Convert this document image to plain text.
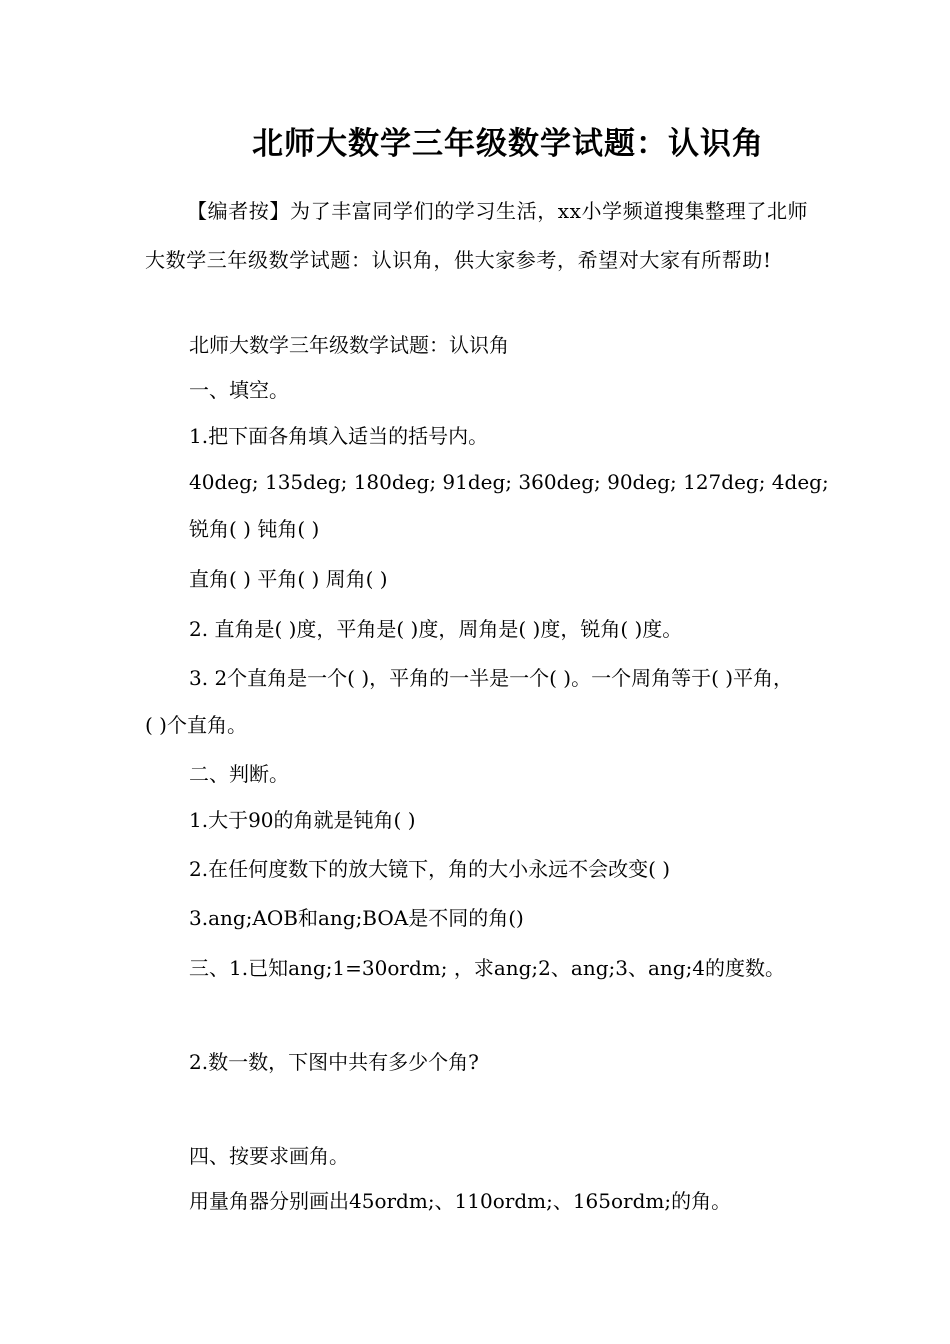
北师大数学三年级数学试题：认识角
【编者按】为了丰富同学们的学习生活，xx小学频道搜集整理了北师大数学三年级数学试题：认识角，供大家参考，希望对大家有所帮助!
北师大数学三年级数学试题：认识角
一、填空。
1.把下面各角填入适当的括号内。
40deg; 135deg; 180deg; 91deg; 360deg; 90deg; 127deg; 4deg;
锐角( ) 钝角( )
直角( ) 平角( ) 周角( )
2. 直角是( )度，平角是( )度，周角是( )度，锐角( )度。
3. 2个直角是一个( )，平角的一半是一个( )。一个周角等于( )平角，
( )个直角。
二、判断。
1.大于90的角就是钝角( )
2.在任何度数下的放大镜下，角的大小永远不会改变( )
3.ang;AOB和ang;BOA是不同的角()
三、1.已知ang;1=30ordm; ，求ang;2、ang;3、ang;4的度数。
2.数一数，下图中共有多少个角?
四、按要求画角。
用量角器分别画出45ordm;、110ordm;、165ordm;的角。
